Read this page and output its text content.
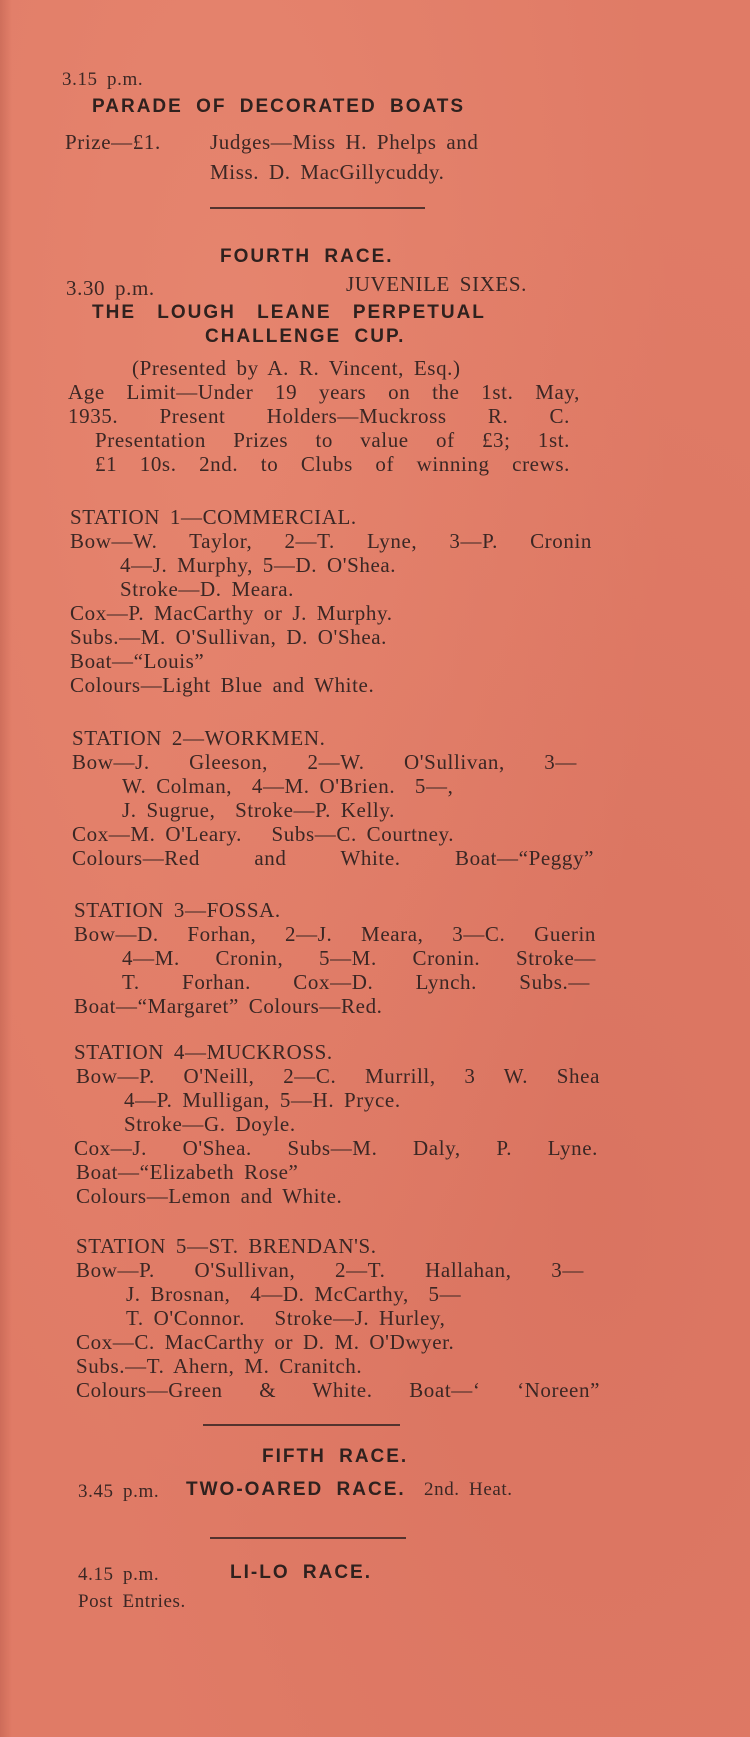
3.15 p.m.
PARADE OF DECORATED BOATS
Prize—£1. Judges—Miss H. Phelps and
Miss. D. MacGillycuddy.
FOURTH RACE.
3.30 p.m.	JUVENILE SIXES.
THE LOUGH LEANE PERPETUAL
CHALLENGE CUP.
(Presented by A. R. Vincent, Esq.)
Age Limit—Under 19 years on the 1st. May,
1935. Present Holders—Muckross R. C.
Presentation Prizes to value of £3; 1st.
£1 10s. 2nd. to Clubs of winning crews.
STATION 1—COMMERCIAL.
Bow—W. Taylor, 2—T. Lyne, 3—P. Cronin
4—J. Murphy, 5—D. O'Shea.
Stroke—D. Meara.
Cox—P. MacCarthy or J. Murphy.
Subs.—M. O'Sullivan, D. O'Shea.
Boat—“Louis”
Colours—Light Blue and White.
STATION 2—WORKMEN.
Bow—J. Gleeson, 2—W. O'Sullivan, 3—
W. Colman,  4—M. O'Brien.  5—,
J. Sugrue,  Stroke—P. Kelly.
Cox—M. O'Leary.   Subs—C. Courtney.
Colours—Red and White. Boat—“Peggy”
STATION 3—FOSSA.
Bow—D. Forhan, 2—J. Meara, 3—C. Guerin
4—M. Cronin, 5—M. Cronin. Stroke—
T. Forhan. Cox—D. Lynch. Subs.—
Boat—“Margaret” Colours—Red.
STATION 4—MUCKROSS.
Bow—P. O'Neill, 2—C. Murrill, 3 W. Shea
4—P. Mulligan, 5—H. Pryce.
Stroke—G. Doyle.
Cox—J. O'Shea. Subs—M. Daly, P. Lyne.
Boat—“Elizabeth Rose”
Colours—Lemon and White.
STATION 5—ST. BRENDAN'S.
Bow—P. O'Sullivan, 2—T. Hallahan, 3—
J. Brosnan,  4—D. McCarthy,  5—
T. O'Connor.   Stroke—J. Hurley,
Cox—C. MacCarthy or D. M. O'Dwyer.
Subs.—T. Ahern, M. Cranitch.
Colours—Green & White. Boat—‘ ‘Noreen”
FIFTH RACE.
3.45 p.m. TWO-OARED RACE. 2nd. Heat.
4.15 p.m.	LI-LO RACE.
Post Entries.
